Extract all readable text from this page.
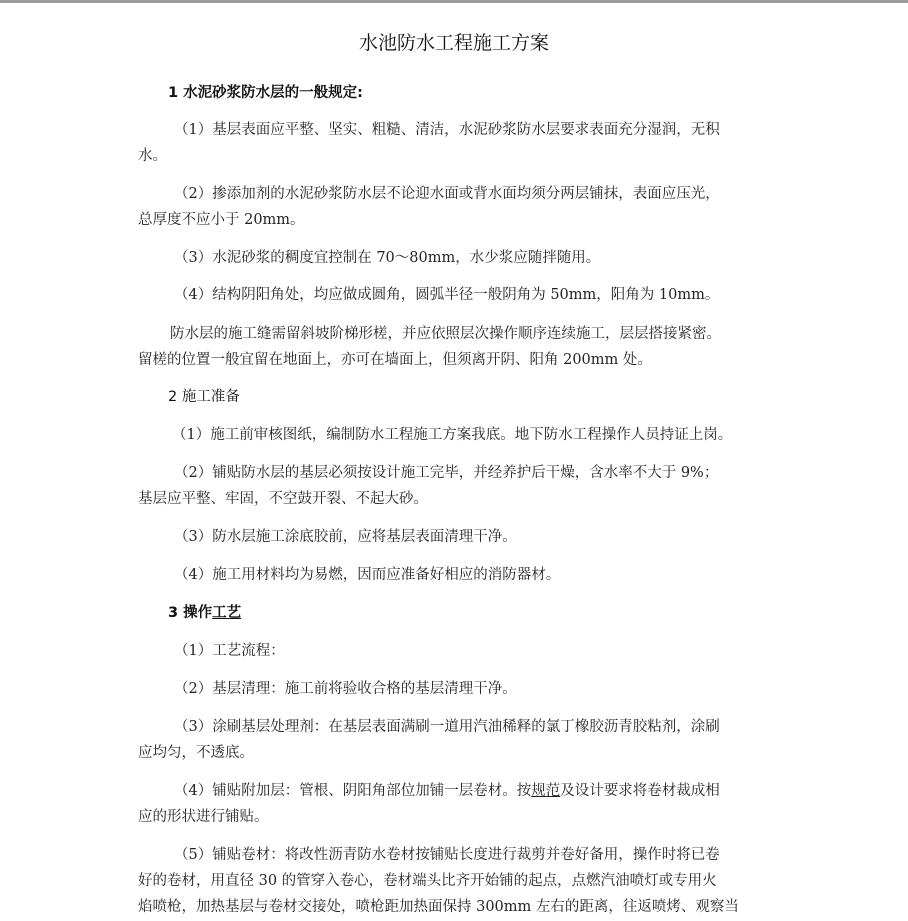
水池防水工程施工方案
1 水泥砂浆防水层的一般规定:
（1）基层表面应平整、坚实、粗糙、清洁，水泥砂浆防水层要求表面充分湿润，无积
水。
（2）掺添加剂的水泥砂浆防水层不论迎水面或背水面均须分两层铺抹，表面应压光，
总厚度不应小于 20mm。
（3）水泥砂浆的稠度宜控制在 70～80mm，水少浆应随拌随用。
（4）结构阴阳角处，均应做成圆角，圆弧半径一般阴角为 50mm，阳角为 10mm。
防水层的施工缝需留斜坡阶梯形槎，并应依照层次操作顺序连续施工，层层搭接紧密。
留槎的位置一般宜留在地面上，亦可在墙面上，但须离开阴、阳角 200mm 处。
2 施工准备
（1）施工前审核图纸，编制防水工程施工方案我底。地下防水工程操作人员持证上岗。
（2）铺贴防水层的基层必须按设计施工完毕，并经养护后干燥，含水率不大于 9%；
基层应平整、牢固，不空鼓开裂、不起大砂。
（3）防水层施工涂底胶前，应将基层表面清理干净。
（4）施工用材料均为易燃，因而应准备好相应的消防器材。
3 操作工艺
（1）工艺流程：
（2）基层清理：施工前将验收合格的基层清理干净。
（3）涂刷基层处理剂：在基层表面满刷一道用汽油稀释的氯丁橡胶沥青胶粘剂，涂刷
应均匀，不透底。
（4）铺贴附加层：管根、阴阳角部位加铺一层卷材。按规范及设计要求将卷材裁成相
应的形状进行铺贴。
（5）铺贴卷材：将改性沥青防水卷材按铺贴长度进行裁剪并卷好备用，操作时将已卷
好的卷材，用直径 30 的管穿入卷心，卷材端头比齐开始铺的起点，点燃汽油喷灯或专用火
焰喷枪，加热基层与卷材交接处，喷枪距加热面保持 300mm 左右的距离，往返喷烤、观察当
